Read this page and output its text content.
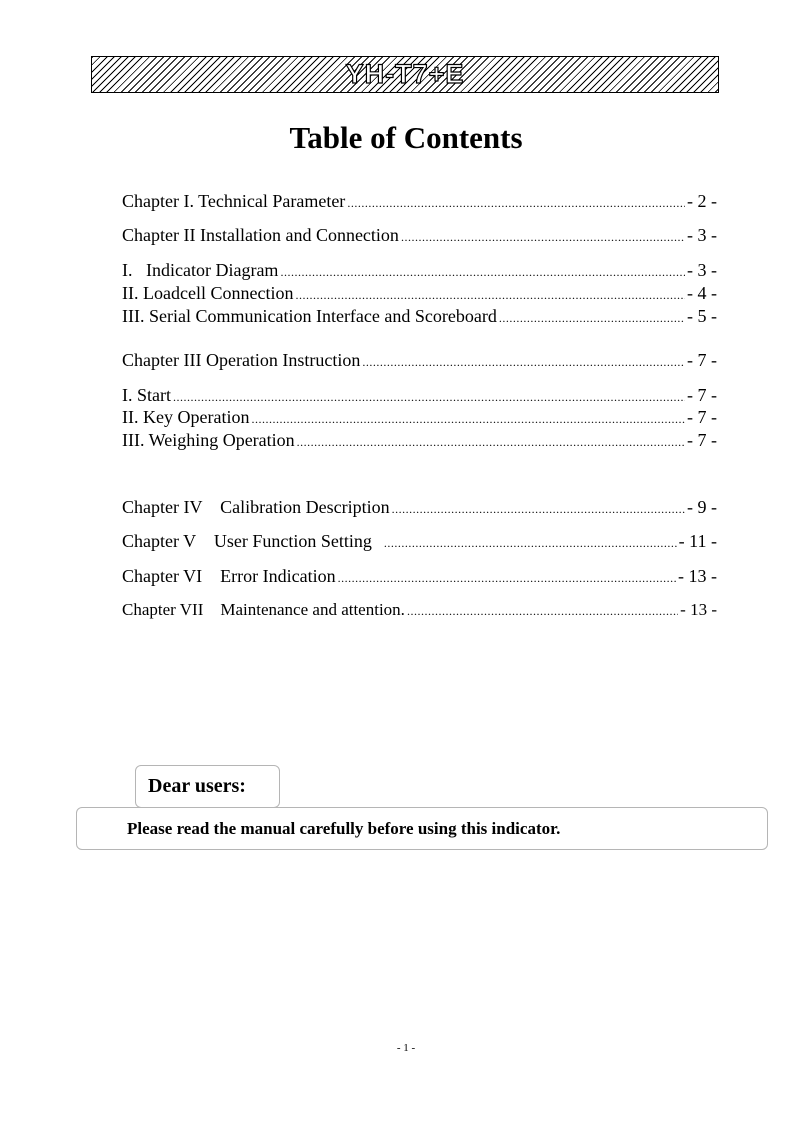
YH-T7+E
Table of Contents
Chapter I. Technical Parameter .....	- 2 -
Chapter II Installation and Connection .....	- 3 -
I.   Indicator Diagram .....	- 3 -
II. Loadcell Connection .....	- 4 -
III. Serial Communication Interface and Scoreboard .....	- 5 -
Chapter III Operation Instruction .....	- 7 -
I. Start .....	- 7 -
II. Key Operation .....	- 7 -
III. Weighing Operation .....	- 7 -
Chapter IV    Calibration Description .....	- 9 -
Chapter V    User Function Setting .....	- 11 -
Chapter VI    Error Indication .....	- 13 -
Chapter VII    Maintenance and attention. .....	- 13 -
Dear users:
Please read the manual carefully before using this indicator.
- 1 -
